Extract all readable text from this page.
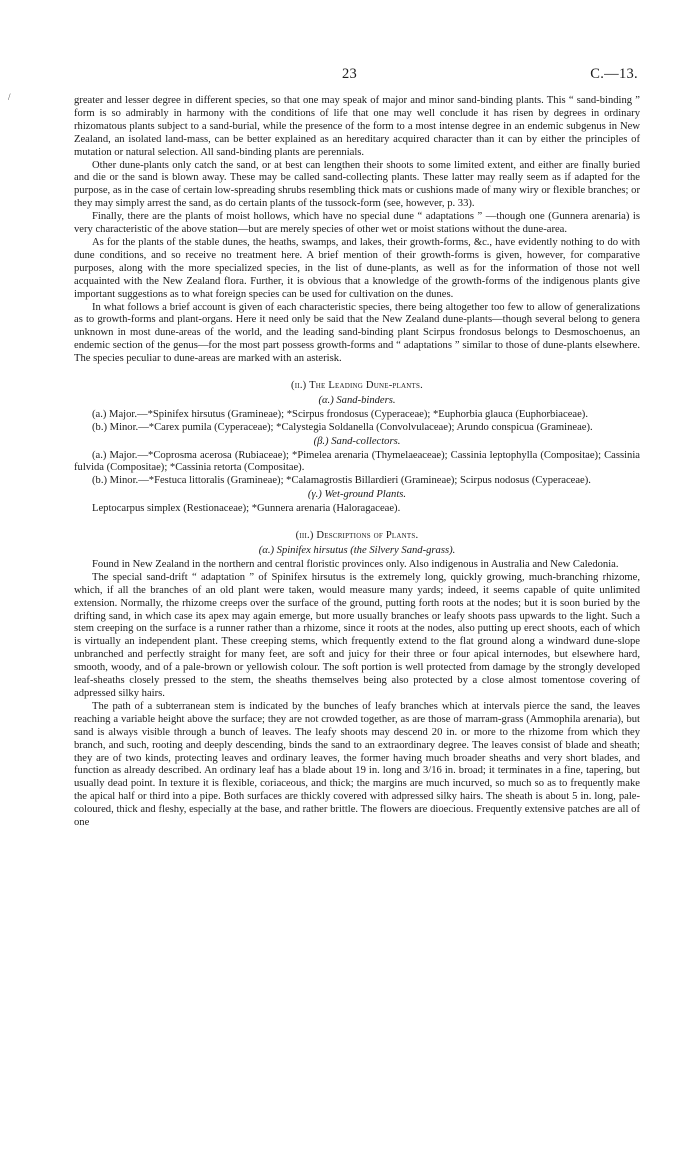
23	C.—13.
/	greater and lesser degree in different species, so that one may speak of major and minor sand-binding plants. This “ sand-binding ” form is so admirably in harmony with the conditions of life that one may well conclude it has risen by degrees in ordinary rhizomatous plants subject to a sand-burial, while the presence of the form to a most intense degree in an endemic subgenus in New Zealand, an isolated land-mass, can be better explained as an hereditary acquired character than it can by either the principles of mutation or natural selection. All sand-binding plants are perennials.

Other dune-plants only catch the sand, or at best can lengthen their shoots to some limited extent, and either are finally buried and die or the sand is blown away. These may be called sand-collecting plants. These latter may really seem as if adapted for the purpose, as in the case of certain low-spreading shrubs resembling thick mats or cushions made of many wiry or flexible branches; or they may simply arrest the sand, as do certain plants of the tussock-form (see, however, p. 33).

Finally, there are the plants of moist hollows, which have no special dune “ adaptations ” —though one (Gunnera arenaria) is very characteristic of the above station—but are merely species of other wet or moist stations without the dune-area.

As for the plants of the stable dunes, the heaths, swamps, and lakes, their growth-forms, &c., have evidently nothing to do with dune conditions, and so receive no treatment here. A brief mention of their growth-forms is given, however, for comparative purposes, along with the more specialized species, in the list of dune-plants, as well as for the information of those not well acquainted with the New Zealand flora. Further, it is obvious that a knowledge of the growth-forms of the indigenous plants give important suggestions as to what foreign species can be used for cultivation on the dunes.

In what follows a brief account is given of each characteristic species, there being altogether too few to allow of generalizations as to growth-forms and plant-organs. Here it need only be said that the New Zealand dune-plants—though several belong to genera unknown in most dune-areas of the world, and the leading sand-binding plant Scirpus frondosus belongs to Desmoschoenus, an endemic section of the genus—for the most part possess growth-forms and “ adaptations ” similar to those of dune-plants elsewhere. The species peculiar to dune-areas are marked with an asterisk.

(ii.) The Leading Dune-plants.
(α.) Sand-binders.

(a.) Major.—*Spinifex hirsutus (Gramineae); *Scirpus frondosus (Cyperaceae); *Euphorbia glauca (Euphorbiaceae).

(b.) Minor.—*Carex pumila (Cyperaceae); *Calystegia Soldanella (Convolvulaceae); Arundo conspicua (Gramineae).

(β.) Sand-collectors.

(a.) Major.—*Coprosma acerosa (Rubiaceae); *Pimelea arenaria (Thymelaeaceae); Cassinia leptophylla (Compositae); Cassinia fulvida (Compositae); *Cassinia retorta (Compositae).

(b.) Minor.—*Festuca littoralis (Gramineae); *Calamagrostis Billardieri (Gramineae); Scirpus nodosus (Cyperaceae).

(γ.) Wet-ground Plants.

Leptocarpus simplex (Restionaceae); *Gunnera arenaria (Haloragaceae).

(iii.) Descriptions of Plants.
(α.) Spinifex hirsutus (the Silvery Sand-grass).

Found in New Zealand in the northern and central floristic provinces only. Also indigenous in Australia and New Caledonia.

The special sand-drift “ adaptation ” of Spinifex hirsutus is the extremely long, quickly growing, much-branching rhizome, which, if all the branches of an old plant were taken, would measure many yards; indeed, it seems capable of quite unlimited extension. Normally, the rhizome creeps over the surface of the ground, putting forth roots at the nodes; but it is soon buried by the drifting sand, in which case its apex may again emerge, but more usually branches or leafy shoots pass upwards to the light. Such a stem creeping on the surface is a runner rather than a rhizome, since it roots at the nodes, also putting up erect shoots, each of which is virtually an independent plant. These creeping stems, which frequently extend to the flat ground along a windward dune-slope unbranched and perfectly straight for many feet, are soft and juicy for their three or four apical internodes, but elsewhere hard, smooth, woody, and of a pale-brown or yellowish colour. The soft portion is well protected from damage by the strongly developed leaf-sheaths closely pressed to the stem, the sheaths themselves being also protected by a close almost tomentose covering of adpressed silky hairs.

The path of a subterranean stem is indicated by the bunches of leafy branches which at intervals pierce the sand, the leaves reaching a variable height above the surface; they are not crowded together, as are those of marram-grass (Ammophila arenaria), but sand is always visible through a bunch of leaves. The leafy shoots may descend 20 in. or more to the rhizome from which they branch, and such, rooting and deeply descending, binds the sand to an extraordinary degree. The leaves consist of blade and sheath; they are of two kinds, protecting leaves and ordinary leaves, the former having much broader sheaths and very short blades, and function as already described. An ordinary leaf has a blade about 19 in. long and 3/16 in. broad; it terminates in a fine, tapering, but usually dead point. In texture it is flexible, coriaceous, and thick; the margins are much incurved, so much so as to frequently make the apical half or third into a pipe. Both surfaces are thickly covered with adpressed silky hairs. The sheath is about 5 in. long, pale-coloured, thick and fleshy, especially at the base, and rather brittle. The flowers are dioecious. Frequently extensive patches are all of one
